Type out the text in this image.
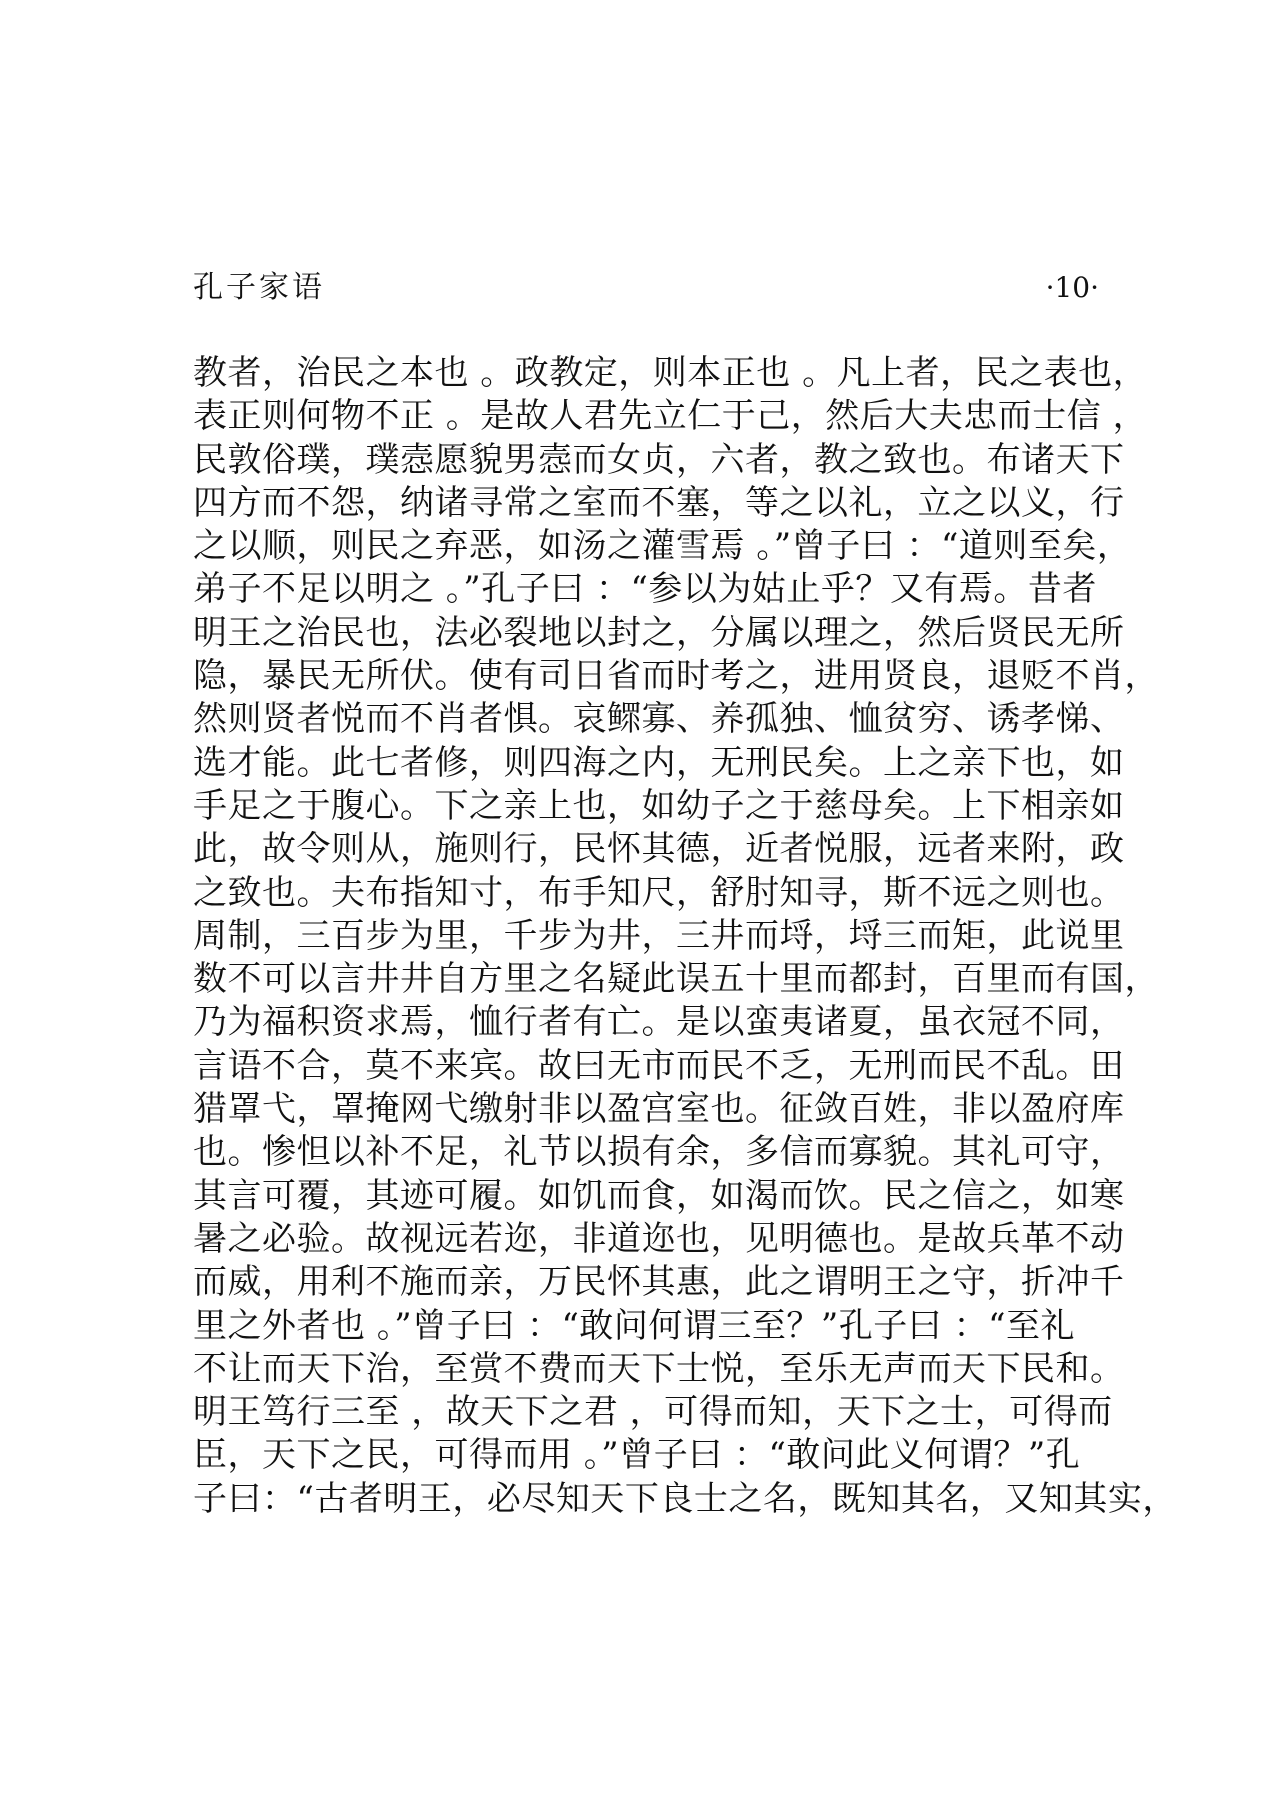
孔子家语	·10·
教者，治民之本也 。政教定，则本正也 。凡上者，民之表也，
表正则何物不正 。是故人君先立仁于己，然后大夫忠而士信 ，
民敦俗璞，璞悫愿貌男悫而女贞，六者，教之致也。布诸天下
四方而不怨，纳诸寻常之室而不塞，等之以礼，立之以义，行
之以顺，则民之弃恶，如汤之灌雪焉 。”曾子曰 ：“道则至矣，
弟子不足以明之 。”孔子曰 ：“参以为姑止乎？又有焉。昔者
明王之治民也，法必裂地以封之，分属以理之，然后贤民无所
隐，暴民无所伏。使有司日省而时考之，进用贤良，退贬不肖，
然则贤者悦而不肖者惧。哀鳏寡、养孤独、恤贫穷、诱孝悌、
选才能。此七者修，则四海之内，无刑民矣。上之亲下也，如
手足之于腹心。下之亲上也，如幼子之于慈母矣。上下相亲如
此，故令则从，施则行，民怀其德，近者悦服，远者来附，政
之致也。夫布指知寸，布手知尺，舒肘知寻，斯不远之则也。
周制，三百步为里，千步为井，三井而埒，埒三而矩，此说里
数不可以言井井自方里之名疑此误五十里而都封，百里而有国，
乃为福积资求焉，恤行者有亡。是以蛮夷诸夏，虽衣冠不同，
言语不合，莫不来宾。故曰无市而民不乏，无刑而民不乱。田
猎罩弋，罩掩网弋缴射非以盈宫室也。征敛百姓，非以盈府库
也。惨怛以补不足，礼节以损有余，多信而寡貌。其礼可守，
其言可覆，其迹可履。如饥而食，如渴而饮。民之信之，如寒
暑之必验。故视远若迩，非道迩也，见明德也。是故兵革不动
而威，用利不施而亲，万民怀其惠，此之谓明王之守，折冲千
里之外者也 。”曾子曰 ：“敢问何谓三至？”孔子曰 ：“至礼
不让而天下治，至赏不费而天下士悦，至乐无声而天下民和。
明王笃行三至 ，故天下之君 ，可得而知，天下之士，可得而
臣，天下之民，可得而用 。”曾子曰 ：“敢问此义何谓？”孔
子曰：“古者明王，必尽知天下良士之名，既知其名，又知其实，
